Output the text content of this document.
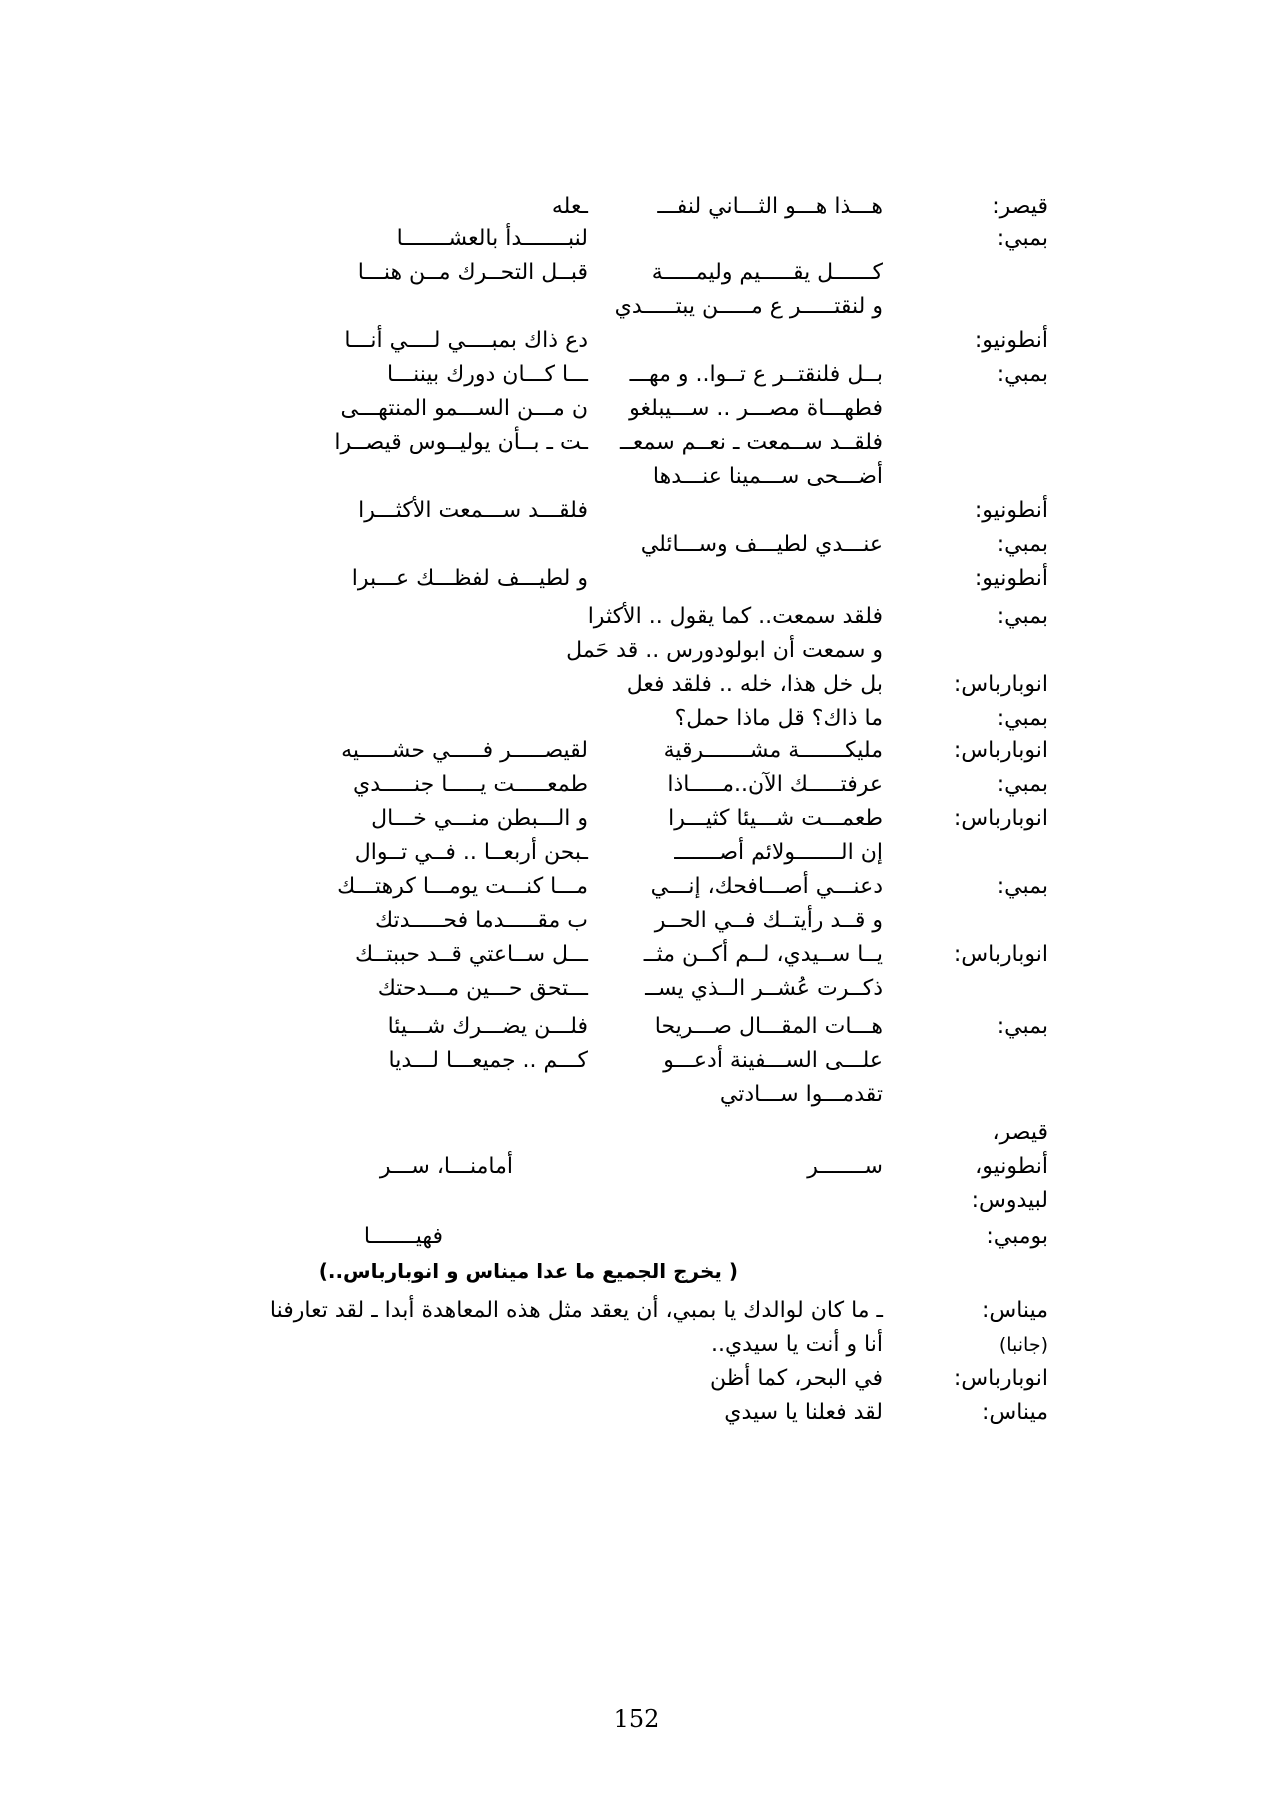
قيصر:
هـــذا هـــو الثـــاني لنفـــ
ـعله
بمبي:
لنبـــــــدأ بالعشـــــــا
كــــــل يقـــــيم وليمـــــة
قبــل التحــرك مــن هنـــا
و لنقتـــــر ع مـــــن يبتـــــدي
أنطونيو:
دع ذاك بمبــــي لــــي أنـــا
بمبي:
بــل فلنقتــر ع تــوا.. و مهـــ
ـــا كـــان دورك بيننـــا
فطهـــاة مصـــر .. ســـيبلغو
ن مـــن الســـمو المنتهـــى
فلقــد ســمعت ـ نعــم سمعــ
ـت ـ بــأن يوليــوس قيصــرا
أضـــحى ســـمينا عنـــدها
أنطونيو:
فلقـــد ســـمعت الأكثـــرا
بمبي:
عنـــدي لطيـــف وســـائلي
أنطونيو:
و لطيـــف لفظـــك عـــبرا
بمبي:
فلقد سمعت.. كما يقول .. الأكثرا
و سمعت أن ابولودورس .. قد حَمل
انوبارباس:
بل خل هذا، خله .. فلقد فعل
بمبي:
ما ذاك؟ قل ماذا حمل؟
انوبارباس:
مليكـــــــة مشـــــــرقية
لقيصـــــر فـــــي حشـــــيه
بمبي:
عرفتـــــك الآن..مـــــاذا
طمعـــــت يـــــا جنـــــدي
انوبارباس:
طعمـــت شـــيئا كثيـــرا
و الـــبطن منـــي خـــال
إن الـــــــولائم أصـــــــ
ـبحن أربعــا .. فــي تــوال
بمبي:
دعنـــي أصـــافحك، إنـــي
مـــا كنـــت يومـــا كرهتـــك
و قــد رأيتــك فــي الحــر
ب مقـــــدما فحـــــدتك
انوبارباس:
يــا ســيدي، لــم أكــن مثــ
ـــل ســاعتي قــد حببتــك
ذكــرت عُشــر الــذي يســ
ـــتحق حـــين مـــدحتك
بمبي:
هـــات المقـــال صـــريحا
فلـــن يضـــرك شـــيئا
علـــى الســـفينة أدعـــو
كـــم .. جميعـــا لـــديا
تقدمـــوا ســـادتي
قيصر،
أنطونيو،
ســـــــر
أمامنـــا، ســـر
لبيدوس:
بومبي:
فهيـــــــا
( يخرج الجميع ما عدا ميناس و انوبارباس..)
ميناس:
ـ ما كان لوالدك يا بمبي، أن يعقد مثل هذه المعاهدة أبدا ـ لقد تعارفنا
(جانبا)
أنا و أنت يا سيدي..
انوبارباس:
في البحر، كما أظن
ميناس:
لقد فعلنا يا سيدي
152
